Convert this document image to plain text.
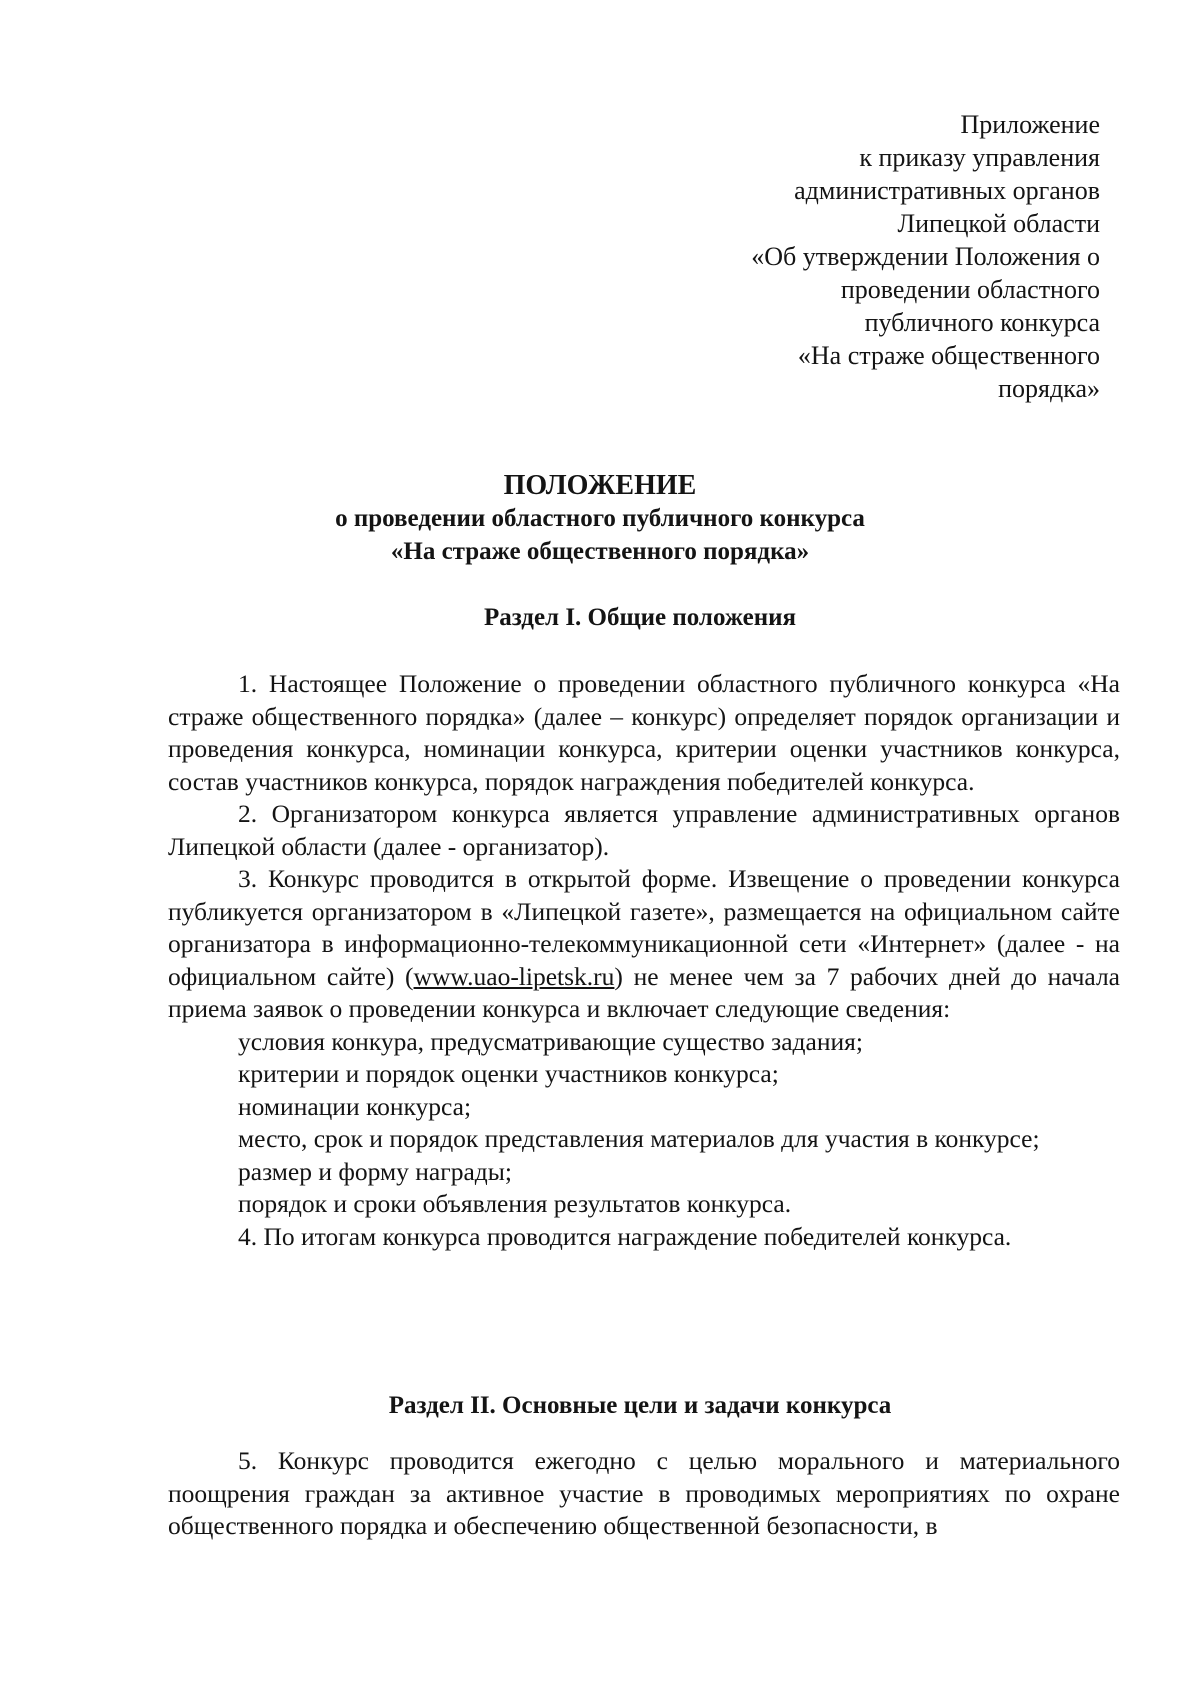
Приложение
к приказу управления
административных органов
Липецкой области
«Об утверждении Положения о
проведении областного
публичного конкурса
«На страже общественного
порядка»
ПОЛОЖЕНИЕ
о проведении областного публичного конкурса
«На страже общественного порядка»
Раздел I. Общие положения

1. Настоящее Положение о проведении областного публичного конкурса «На страже общественного порядка» (далее – конкурс) определяет порядок организации и проведения конкурса, номинации конкурса, критерии оценки участников конкурса, состав участников конкурса, порядок награждения победителей конкурса.

2. Организатором конкурса является управление административных органов Липецкой области (далее - организатор).

3. Конкурс проводится в открытой форме. Извещение о проведении конкурса публикуется организатором в «Липецкой газете», размещается на официальном сайте организатора в информационно-телекоммуникационной сети «Интернет» (далее - на официальном сайте) (www.uao-lipetsk.ru) не менее чем за 7 рабочих дней до начала приема заявок о проведении конкурса и включает следующие сведения:

условия конкура, предусматривающие существо задания;

критерии и порядок оценки участников конкурса;

номинации конкурса;

место, срок и порядок представления материалов для участия в конкурсе;

размер и форму награды;

порядок и сроки объявления результатов конкурса.

4. По итогам конкурса проводится награждение победителей конкурса.

Раздел II. Основные цели и задачи конкурса

5. Конкурс проводится ежегодно с целью морального и материального поощрения граждан за активное участие в проводимых мероприятиях по охране общественного порядка и обеспечению общественной безопасности, в
